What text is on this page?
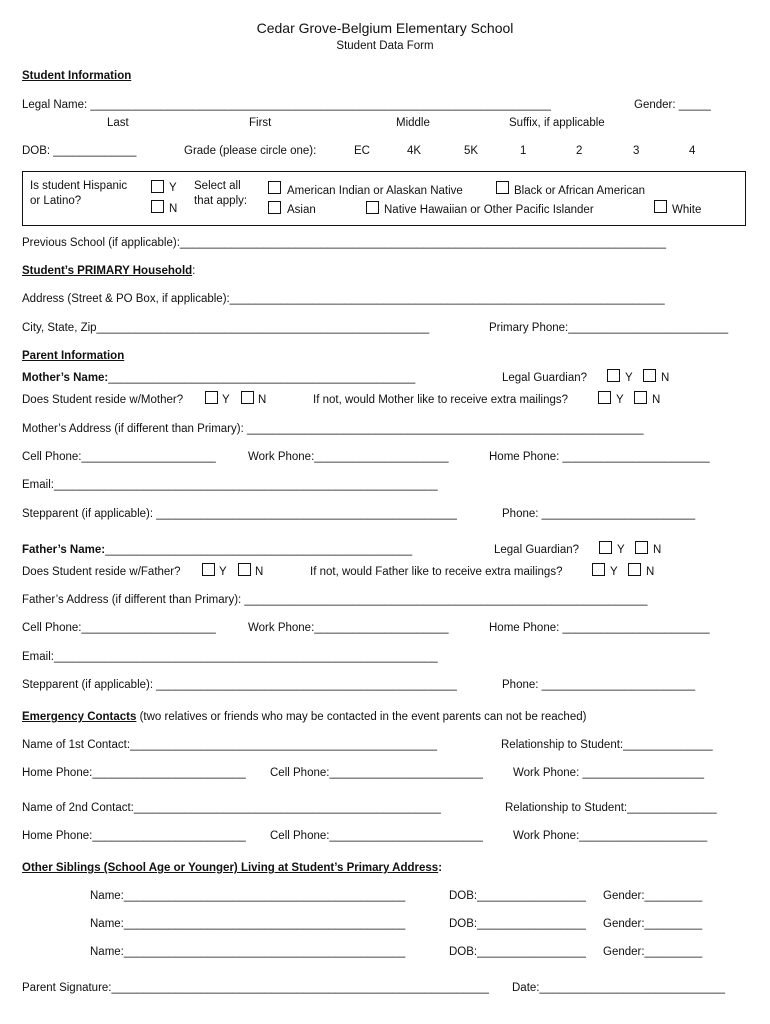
Cedar Grove-Belgium Elementary School
Student Data Form
Student Information
Legal Name: ________________________________________________________________________	Gender: _____
Last	First	Middle	Suffix, if applicable
DOB: _____________	Grade (please circle one):	EC	4K	5K	1	2	3	4
Is student Hispanic
or Latino?
Y
N
Select all
that apply:
American Indian or Alaskan Native	Black or African American
Asian	Native Hawaiian or Other Pacific Islander	White
Previous School (if applicable):____________________________________________________________________________
Student’s PRIMARY Household:
Address (Street & PO Box, if applicable):____________________________________________________________________
City, State, Zip____________________________________________________	Primary Phone:_________________________
Parent Information
Mother’s Name:________________________________________________	Legal Guardian?	Y N
Does Student reside w/Mother?	Y N	If not, would Mother like to receive extra mailings?	Y N
Mother’s Address (if different than Primary): ______________________________________________________________
Cell Phone:_____________________	Work Phone:_____________________	Home Phone: _______________________
Email:____________________________________________________________
Stepparent (if applicable): _______________________________________________	Phone: ________________________
Father’s Name:________________________________________________	Legal Guardian?	Y N
Does Student reside w/Father?	Y N	If not, would Father like to receive extra mailings?	Y N
Father’s Address (if different than Primary): _______________________________________________________________
Cell Phone:_____________________	Work Phone:_____________________	Home Phone: _______________________
Email:____________________________________________________________
Stepparent (if applicable): _______________________________________________	Phone: ________________________
Emergency Contacts (two relatives or friends who may be contacted in the event parents can not be reached)
Name of 1st Contact:________________________________________________	Relationship to Student:______________
Home Phone:________________________ Cell Phone:________________________	Work Phone: ___________________
Name of 2nd Contact:________________________________________________	Relationship to Student:______________
Home Phone:________________________ Cell Phone:________________________	Work Phone:____________________
Other Siblings (School Age or Younger) Living at Student’s Primary Address:
Name:____________________________________________	DOB:_________________ Gender:_________
Name:____________________________________________	DOB:_________________ Gender:_________
Name:____________________________________________	DOB:_________________ Gender:_________
Parent Signature:___________________________________________________________ Date:_____________________________
